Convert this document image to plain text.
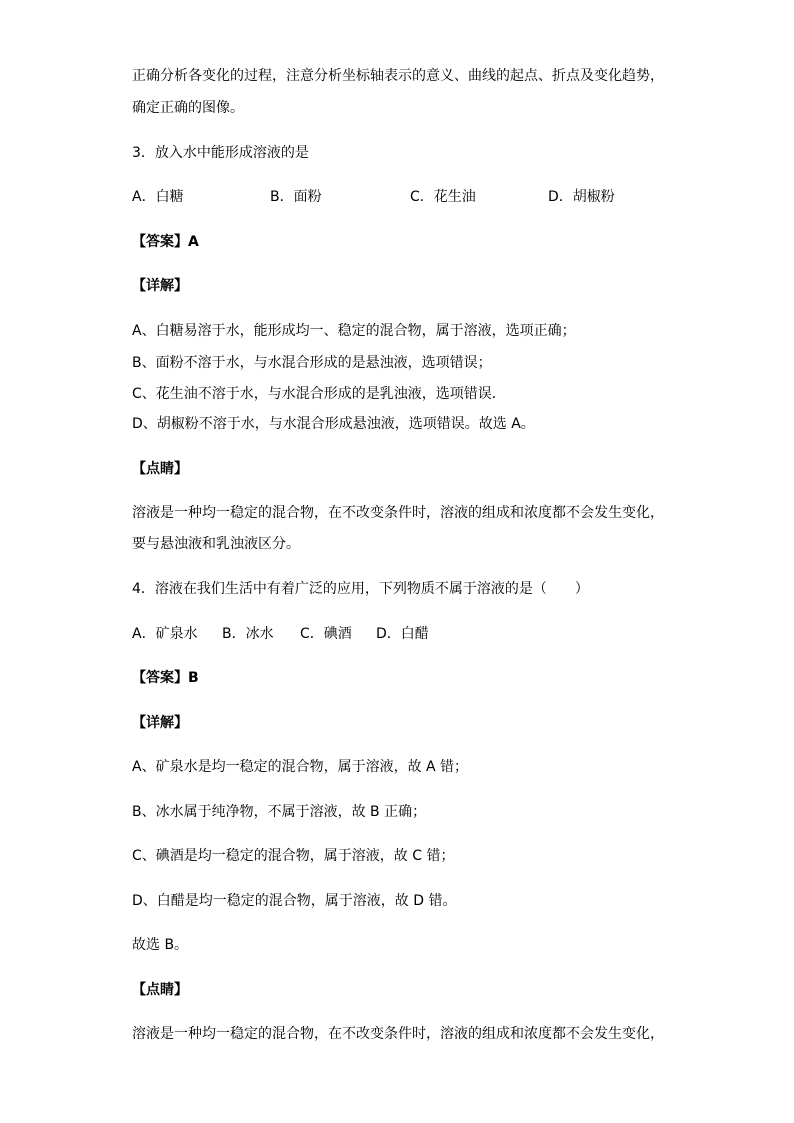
正确分析各变化的过程，注意分析坐标轴表示的意义、曲线的起点、折点及变化趋势，
确定正确的图像。
3．放入水中能形成溶液的是
A．白糖	B．面粉	C．花生油	D．胡椒粉
【答案】A
【详解】
A、白糖易溶于水，能形成均一、稳定的混合物，属于溶液，选项正确；
B、面粉不溶于水，与水混合形成的是悬浊液，选项错误；
C、花生油不溶于水，与水混合形成的是乳浊液，选项错误．
D、胡椒粉不溶于水，与水混合形成悬浊液，选项错误。故选 A。
【点睛】
溶液是一种均一稳定的混合物，在不改变条件时，溶液的组成和浓度都不会发生变化，
要与悬浊液和乳浊液区分。
4．溶液在我们生活中有着广泛的应用，下列物质不属于溶液的是（　　）
A．矿泉水 B．冰水 C．碘酒 D．白醋
【答案】B
【详解】
A、矿泉水是均一稳定的混合物，属于溶液，故 A 错；
B、冰水属于纯净物，不属于溶液，故 B 正确；
C、碘酒是均一稳定的混合物，属于溶液，故 C 错；
D、白醋是均一稳定的混合物，属于溶液，故 D 错。
故选 B。
【点睛】
溶液是一种均一稳定的混合物，在不改变条件时，溶液的组成和浓度都不会发生变化，
